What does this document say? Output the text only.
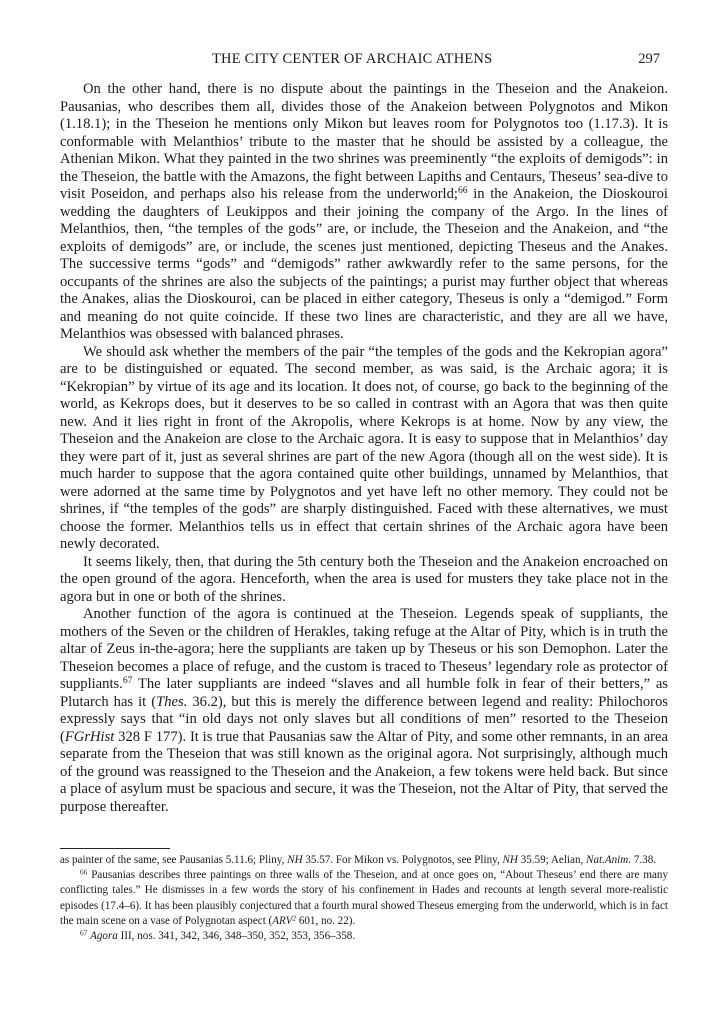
THE CITY CENTER OF ARCHAIC ATHENS	297

On the other hand, there is no dispute about the paintings in the Theseion and the Anakeion. Pausanias, who describes them all, divides those of the Anakeion between Polygnotos and Mikon (1.18.1); in the Theseion he mentions only Mikon but leaves room for Polygnotos too (1.17.3). It is conformable with Melanthios’ tribute to the master that he should be assisted by a colleague, the Athenian Mikon. What they painted in the two shrines was preeminently “the exploits of demigods”: in the Theseion, the battle with the Amazons, the fight between Lapiths and Centaurs, Theseus’ sea-dive to visit Poseidon, and perhaps also his release from the underworld;$^{66}$ in the Anakeion, the Dioskouroi wedding the daughters of Leukippos and their joining the company of the Argo. In the lines of Melanthios, then, “the temples of the gods” are, or include, the Theseion and the Anakeion, and “the exploits of demigods” are, or include, the scenes just mentioned, depicting Theseus and the Anakes. The successive terms “gods” and “demigods” rather awkwardly refer to the same persons, for the occupants of the shrines are also the subjects of the paintings; a purist may further object that whereas the Anakes, alias the Dioskouroi, can be placed in either category, Theseus is only a “demigod.” Form and meaning do not quite coincide. If these two lines are characteristic, and they are all we have, Melanthios was obsessed with balanced phrases.

We should ask whether the members of the pair “the temples of the gods and the Kekropian agora” are to be distinguished or equated. The second member, as was said, is the Archaic agora; it is “Kekropian” by virtue of its age and its location. It does not, of course, go back to the beginning of the world, as Kekrops does, but it deserves to be so called in contrast with an Agora that was then quite new. And it lies right in front of the Akropolis, where Kekrops is at home. Now by any view, the Theseion and the Anakeion are close to the Archaic agora. It is easy to suppose that in Melanthios’ day they were part of it, just as several shrines are part of the new Agora (though all on the west side). It is much harder to suppose that the agora contained quite other buildings, unnamed by Melanthios, that were adorned at the same time by Polygnotos and yet have left no other memory. They could not be shrines, if “the temples of the gods” are sharply distinguished. Faced with these alternatives, we must choose the former. Melanthios tells us in effect that certain shrines of the Archaic agora have been newly decorated.

It seems likely, then, that during the 5th century both the Theseion and the Anakeion encroached on the open ground of the agora. Henceforth, when the area is used for musters they take place not in the agora but in one or both of the shrines.

Another function of the agora is continued at the Theseion. Legends speak of suppliants, the mothers of the Seven or the children of Herakles, taking refuge at the Altar of Pity, which is in truth the altar of Zeus in-the-agora; here the suppliants are taken up by Theseus or his son Demophon. Later the Theseion becomes a place of refuge, and the custom is traced to Theseus’ legendary role as protector of suppliants.$^{67}$ The later suppliants are indeed “slaves and all humble folk in fear of their betters,” as Plutarch has it (Thes. 36.2), but this is merely the difference between legend and reality: Philochoros expressly says that “in old days not only slaves but all conditions of men” resorted to the Theseion (FGrHist 328 F 177). It is true that Pausanias saw the Altar of Pity, and some other remnants, in an area separate from the Theseion that was still known as the original agora. Not surprisingly, although much of the ground was reassigned to the Theseion and the Anakeion, a few tokens were held back. But since a place of asylum must be spacious and secure, it was the Theseion, not the Altar of Pity, that served the purpose thereafter.

as painter of the same, see Pausanias 5.11.6; Pliny, NH 35.57. For Mikon vs. Polygnotos, see Pliny, NH 35.59; Aelian, Nat.Anim. 7.38.

$^{66}$ Pausanias describes three paintings on three walls of the Theseion, and at once goes on, “About Theseus’ end there are many conflicting tales.” He dismisses in a few words the story of his confinement in Hades and recounts at length several more-realistic episodes (17.4–6). It has been plausibly conjectured that a fourth mural showed Theseus emerging from the underworld, which is in fact the main scene on a vase of Polygnotan aspect (ARV$^2$ 601, no. 22).

$^{67}$ Agora III, nos. 341, 342, 346, 348–350, 352, 353, 356–358.
